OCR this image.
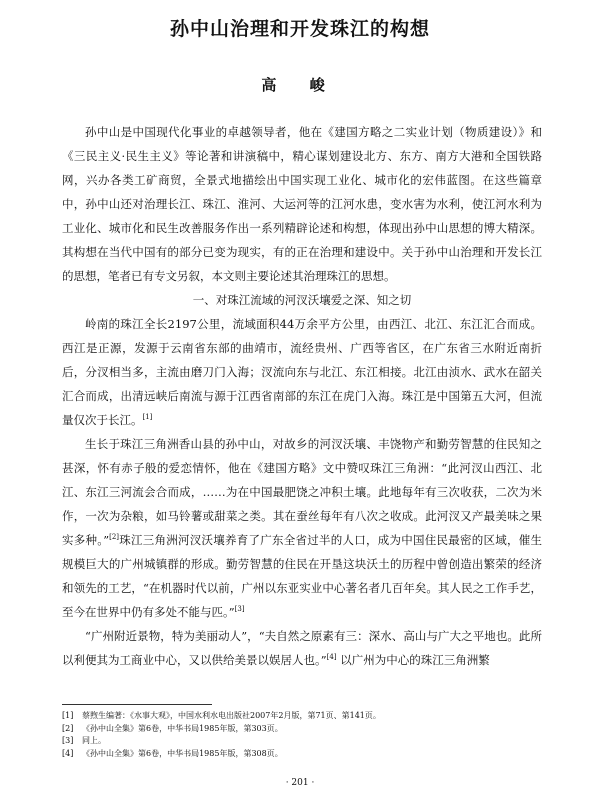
孙中山治理和开发珠江的构想
高 峻

孙中山是中国现代化事业的卓越领导者，他在《建国方略之二实业计划（物质建设）》和《三民主义·民生主义》等论著和讲演稿中，精心谋划建设北方、东方、南方大港和全国铁路网，兴办各类工矿商贸，全景式地描绘出中国实现工业化、城市化的宏伟蓝图。在这些篇章中，孙中山还对治理长江、珠江、淮河、大运河等的江河水患，变水害为水利，使江河水利为工业化、城市化和民生改善服务作出一系列精辟论述和构想，体现出孙中山思想的博大精深。其构想在当代中国有的部分已变为现实，有的正在治理和建设中。关于孙中山治理和开发长江的思想，笔者已有专文另叙，本文则主要论述其治理珠江的思想。

一、对珠江流域的河汊沃壤爱之深、知之切

岭南的珠江全长2197公里，流域面积44万余平方公里，由西江、北江、东江汇合而成。西江是正源，发源于云南省东部的曲靖市，流经贵州、广西等省区，在广东省三水附近南折后，分汊相当多，主流由磨刀门入海；汊流向东与北江、东江相接。北江由浈水、武水在韶关汇合而成，出清远峡后南流与源于江西省南部的东江在虎门入海。珠江是中国第五大河，但流量仅次于长江。[1]

生长于珠江三角洲香山县的孙中山，对故乡的河汊沃壤、丰饶物产和勤劳智慧的住民知之甚深，怀有赤子般的爱恋情怀，他在《建国方略》文中赞叹珠江三角洲：“此河汊山西江、北江、东江三河流会合而成，……为在中国最肥饶之冲积土壤。此地每年有三次收获，二次为米作，一次为杂粮，如马铃薯或甜菜之类。其在蚕丝每年有八次之收成。此河汊又产最美味之果实多种。”[2]珠江三角洲河汊沃壤养育了广东全省过半的人口，成为中国住民最密的区域，催生规模巨大的广州城镇群的形成。勤劳智慧的住民在开垦这块沃土的历程中曾创造出繁荣的经济和领先的工艺，“在机器时代以前，广州以东亚实业中心著名者几百年矣。其人民之工作手艺，至今在世界中仍有多处不能与匹。”[3]

“广州附近景物，特为美丽动人”，“夫自然之原素有三：深水、高山与广大之平地也。此所以利便其为工商业中心，又以供给美景以娱居人也。”[4] 以广州为中心的珠江三角洲繁

[1] 蔡煦生编著：《水事大观》，中国水利水电出版社2007年2月版，第71页、第141页。
[2] 《孙中山全集》第6卷，中华书局1985年版，第303页。
[3] 同上。
[4] 《孙中山全集》第6卷，中华书局1985年版，第308页。
· 201 ·
